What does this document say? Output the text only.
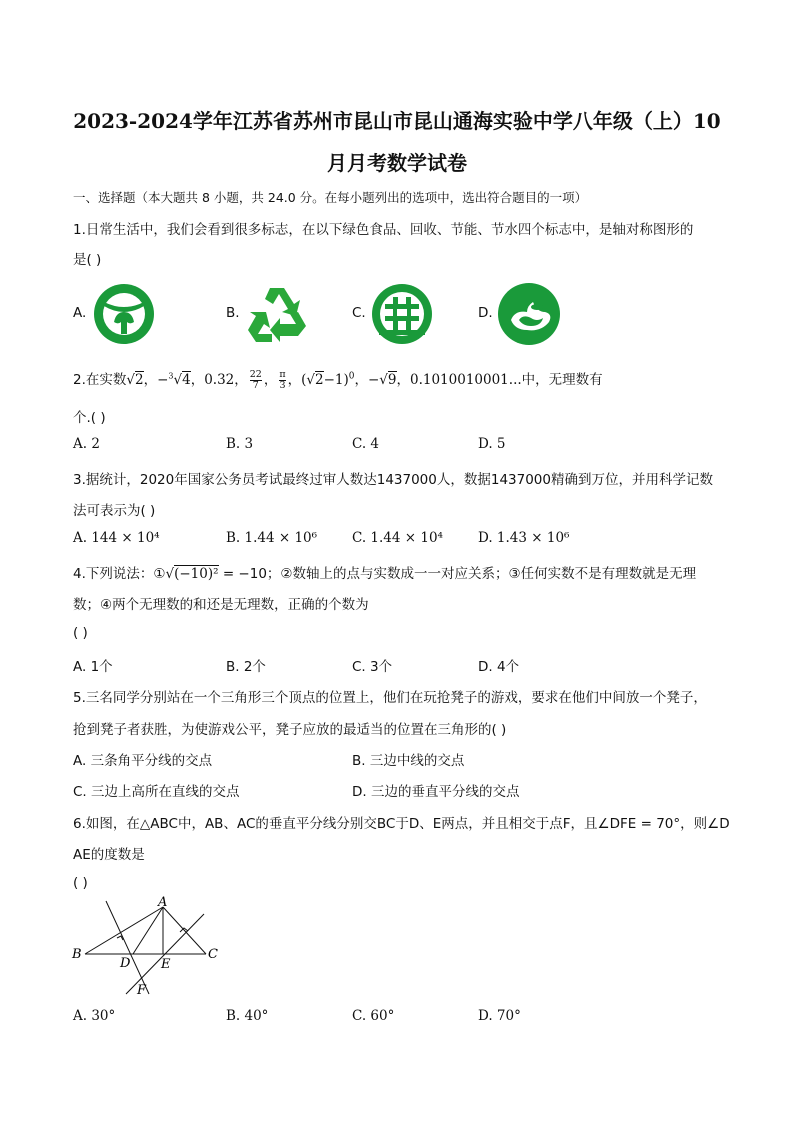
2023-2024学年江苏省苏州市昆山市昆山通海实验中学八年级（上）10
月月考数学试卷
一、选择题（本大题共 8 小题，共 24.0 分。在每小题列出的选项中，选出符合题目的一项）
1.日常生活中，我们会看到很多标志，在以下绿色食品、回收、节能、节水四个标志中，是轴对称图形的
是( )
A.	B.	C.	D.
2.在实数√2，−$^3$√4，0.32， $\frac{22}{7}$ ， $\frac{\pi}{3}$ ，$(√2-1)^0$，−√9，0.1010010001...中，无理数有
个.( )
A. 2	B. 3	C. 4	D. 5
3.据统计，2020年国家公务员考试最终过审人数达1437000人，数据1437000精确到万位，并用科学记数
法可表示为( )
A. 144 × 10⁴	B. 1.44 × 10⁶	C. 1.44 × 10⁴	D. 1.43 × 10⁶
4.下列说法：①√(−10)² = −10；②数轴上的点与实数成一一对应关系；③任何实数不是有理数就是无理
数；④两个无理数的和还是无理数，正确的个数为
( )
A. 1个	B. 2个	C. 3个	D. 4个
5.三名同学分别站在一个三角形三个顶点的位置上，他们在玩抢凳子的游戏，要求在他们中间放一个凳子，
抢到凳子者获胜，为使游戏公平，凳子应放的最适当的位置在三角形的( )
A. 三条角平分线的交点	B. 三边中线的交点
C. 三边上高所在直线的交点	D. 三边的垂直平分线的交点
6.如图，在△ABC中，AB、AC的垂直平分线分别交BC于D、E两点，并且相交于点F，且∠DFE = 70°，则∠D
AE的度数是
( )
A
B	C
D E
F
A. 30°	B. 40°	C. 60°	D. 70°
